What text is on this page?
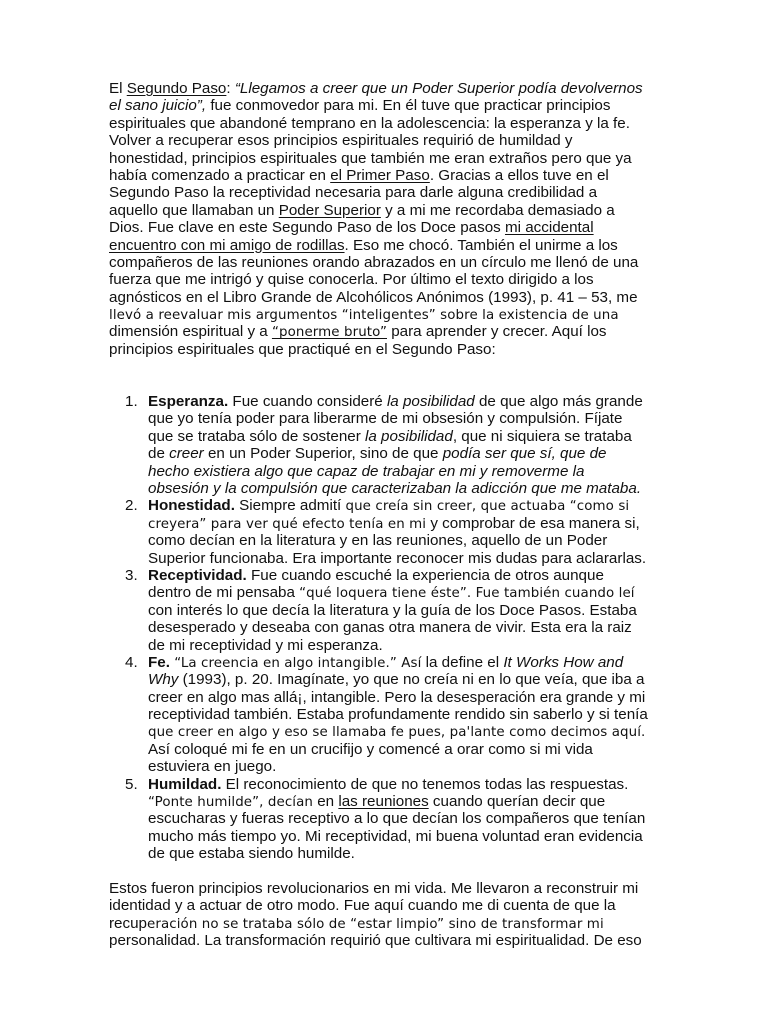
El Segundo Paso: “Llegamos a creer que un Poder Superior podía devolvernos
el sano juicio”, fue conmovedor para mi. En él tuve que practicar principios
espirituales que abandoné temprano en la adolescencia: la esperanza y la fe.
Volver a recuperar esos principios espirituales requirió de humildad y
honestidad, principios espirituales que también me eran extraños pero que ya
había comenzado a practicar en el Primer Paso. Gracias a ellos tuve en el
Segundo Paso la receptividad necesaria para darle alguna credibilidad a
aquello que llamaban un Poder Superior y a mi me recordaba demasiado a
Dios. Fue clave en este Segundo Paso de los Doce pasos mi accidental
encuentro con mi amigo de rodillas. Eso me chocó. También el unirme a los
compañeros de las reuniones orando abrazados en un círculo me llenó de una
fuerza que me intrigó y quise conocerla. Por último el texto dirigido a los
agnósticos en el Libro Grande de Alcohólicos Anónimos (1993), p. 41 – 53, me
llevó a reevaluar mis argumentos “inteligentes” sobre la existencia de una
dimensión espiritual y a “ponerme bruto” para aprender y crecer. Aquí los
principios espirituales que practiqué en el Segundo Paso:
1. Esperanza. Fue cuando consideré la posibilidad de que algo más grande
que yo tenía poder para liberarme de mi obsesión y compulsión. Fíjate
que se trataba sólo de sostener la posibilidad, que ni siquiera se trataba
de creer en un Poder Superior, sino de que podía ser que sí, que de
hecho existiera algo que capaz de trabajar en mi y removerme la
obsesión y la compulsión que caracterizaban la adicción que me mataba.
2. Honestidad. Siempre admití que creía sin creer, que actuaba “como si
creyera” para ver qué efecto tenía en mi y comprobar de esa manera si,
como decían en la literatura y en las reuniones, aquello de un Poder
Superior funcionaba. Era importante reconocer mis dudas para aclararlas.
3. Receptividad. Fue cuando escuché la experiencia de otros aunque
dentro de mi pensaba “qué loquera tiene éste”. Fue también cuando leí
con interés lo que decía la literatura y la guía de los Doce Pasos. Estaba
desesperado y deseaba con ganas otra manera de vivir. Esta era la raiz
de mi receptividad y mi esperanza.
4. Fe. “La creencia en algo intangible.” Así la define el It Works How and
Why (1993), p. 20. Imagínate, yo que no creía ni en lo que veía, que iba a
creer en algo mas allá¡, intangible. Pero la desesperación era grande y mi
receptividad también. Estaba profundamente rendido sin saberlo y si tenía
que creer en algo y eso se llamaba fe pues, pa'lante como decimos aquí.
Así coloqué mi fe en un crucifijo y comencé a orar como si mi vida
estuviera en juego.
5. Humildad. El reconocimiento de que no tenemos todas las respuestas.
“Ponte humilde”, decían en las reuniones cuando querían decir que
escucharas y fueras receptivo a lo que decían los compañeros que tenían
mucho más tiempo yo. Mi receptividad, mi buena voluntad eran evidencia
de que estaba siendo humilde.
Estos fueron principios revolucionarios en mi vida. Me llevaron a reconstruir mi
identidad y a actuar de otro modo. Fue aquí cuando me di cuenta de que la
recuperación no se trataba sólo de “estar limpio” sino de transformar mi
personalidad. La transformación requirió que cultivara mi espiritualidad. De eso
